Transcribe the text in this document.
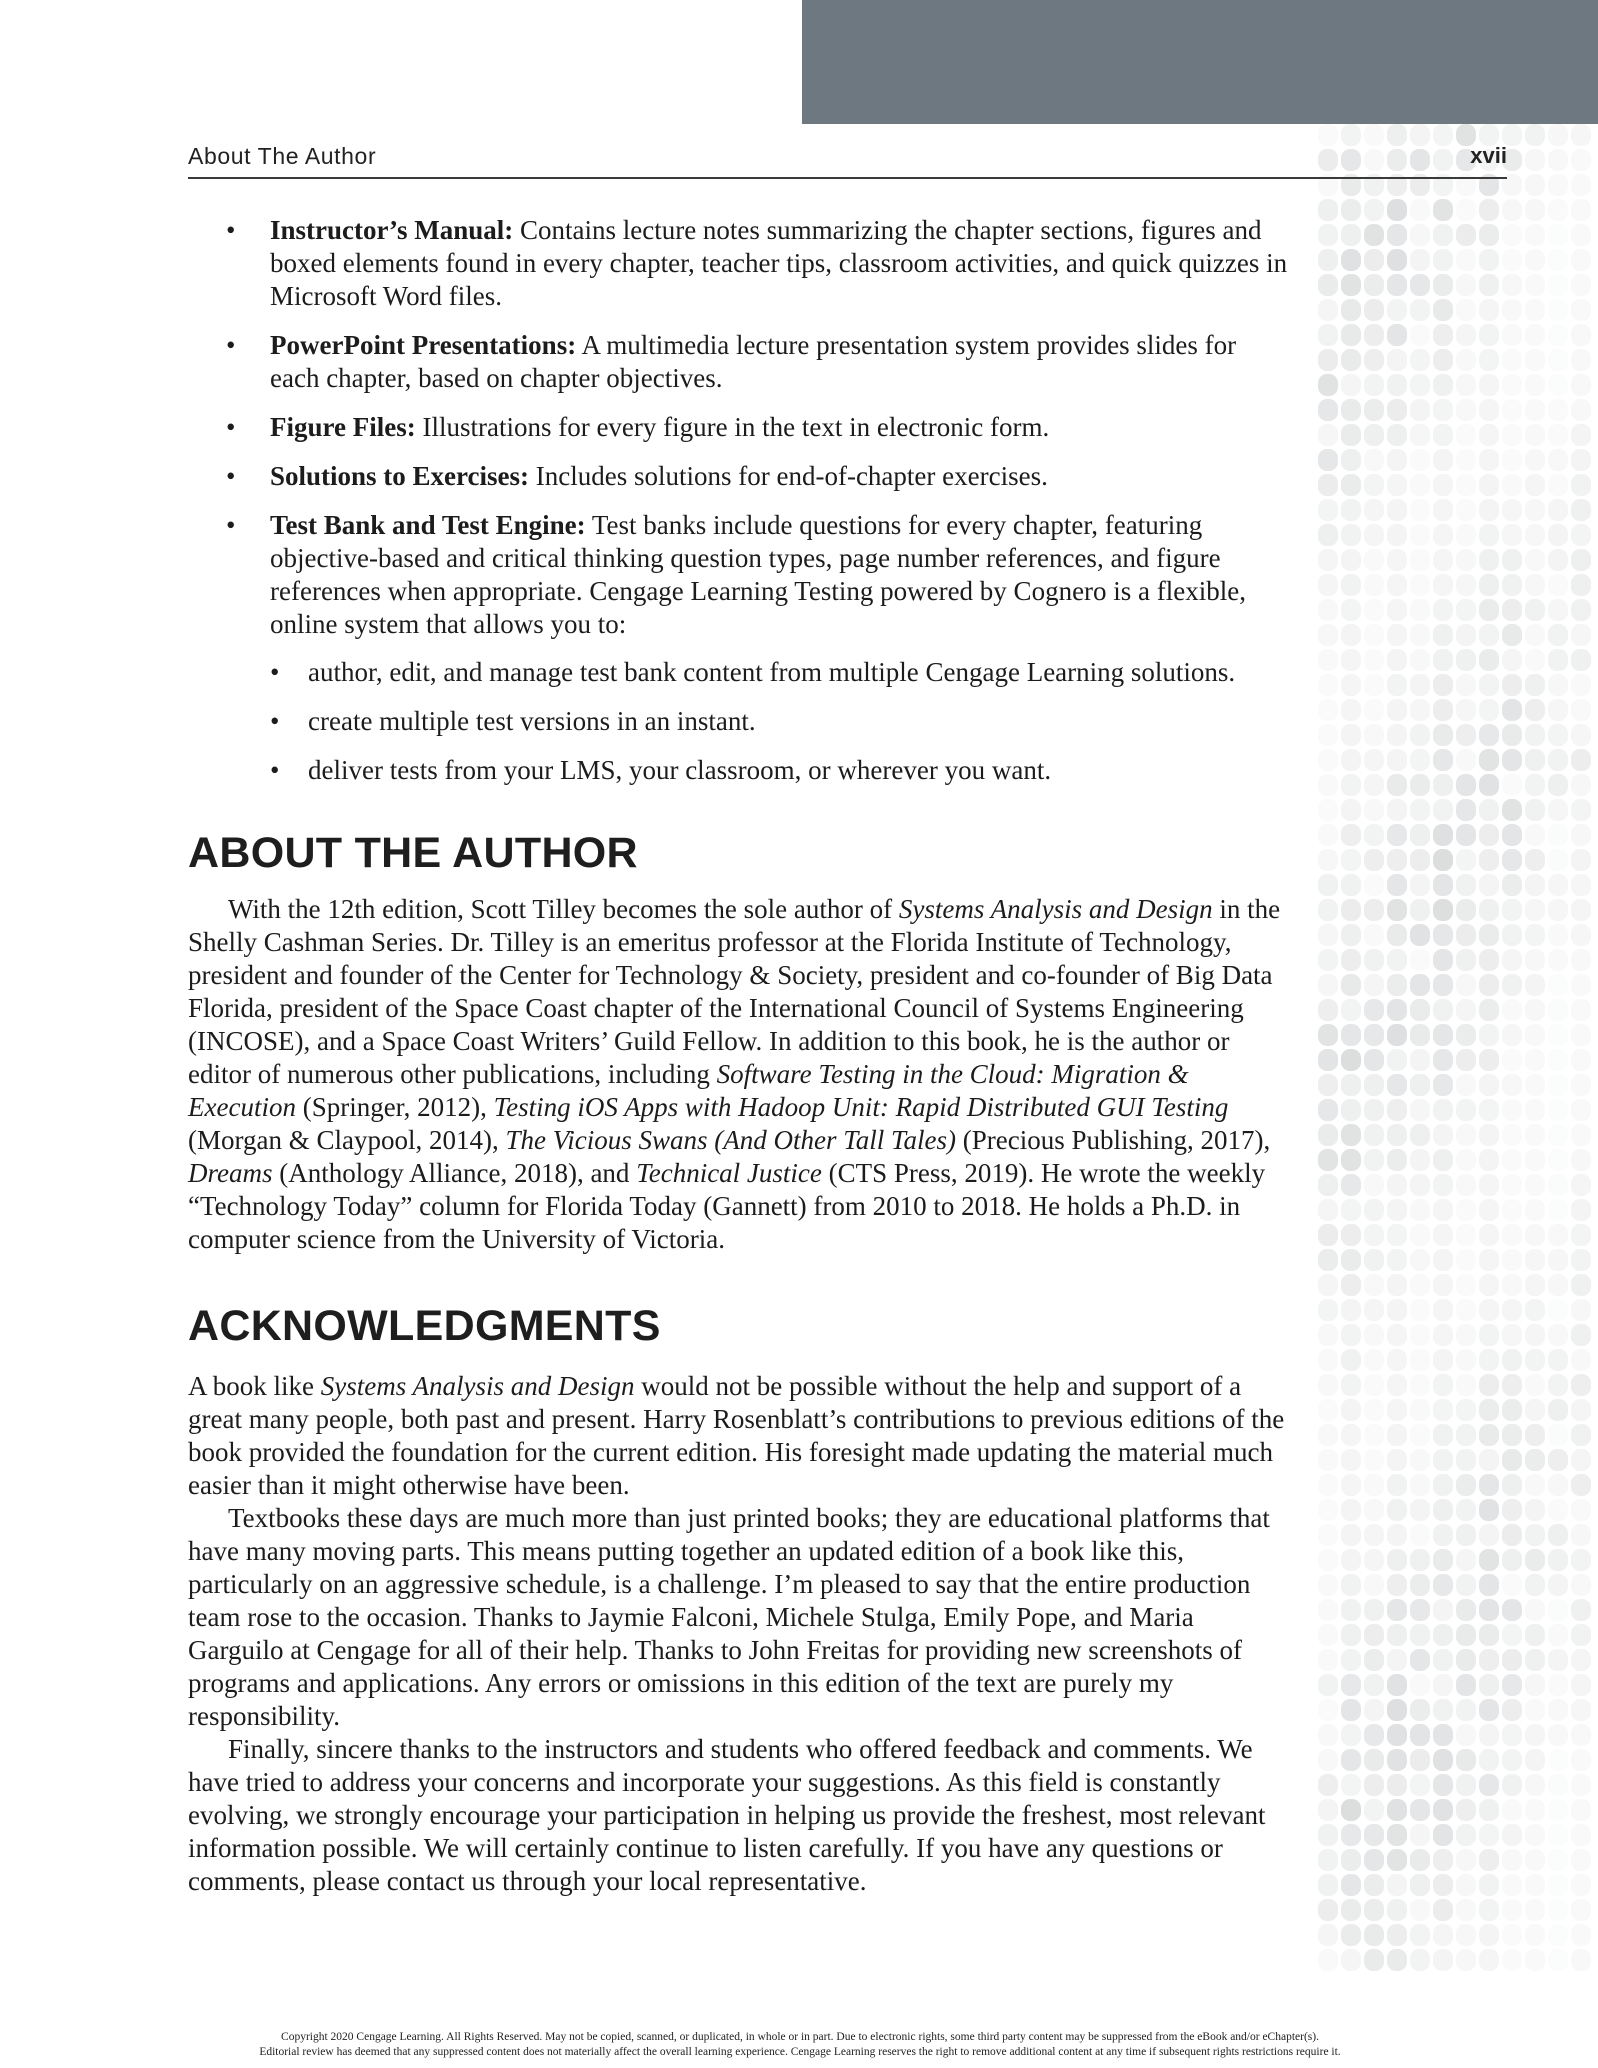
About The Author	xvii
• Instructor’s Manual: Contains lecture notes summarizing the chapter sections, figures and boxed elements found in every chapter, teacher tips, classroom activities, and quick quizzes in Microsoft Word files.
• PowerPoint Presentations: A multimedia lecture presentation system provides slides for each chapter, based on chapter objectives.
• Figure Files: Illustrations for every figure in the text in electronic form.
• Solutions to Exercises: Includes solutions for end-of-chapter exercises.
• Test Bank and Test Engine: Test banks include questions for every chapter, featuring objective-based and critical thinking question types, page number references, and figure references when appropriate. Cengage Learning Testing powered by Cognero is a flexible, online system that allows you to:
• author, edit, and manage test bank content from multiple Cengage Learning solutions.
• create multiple test versions in an instant.
• deliver tests from your LMS, your classroom, or wherever you want.
ABOUT THE AUTHOR

With the 12th edition, Scott Tilley becomes the sole author of Systems Analysis and Design in the Shelly Cashman Series. Dr. Tilley is an emeritus professor at the Florida Institute of Technology, president and founder of the Center for Technology & Society, president and co-founder of Big Data Florida, president of the Space Coast chapter of the International Council of Systems Engineering (INCOSE), and a Space Coast Writers’ Guild Fellow. In addition to this book, he is the author or editor of numerous other publications, including Software Testing in the Cloud: Migration & Execution (Springer, 2012), Testing iOS Apps with Hadoop Unit: Rapid Distributed GUI Testing (Morgan & Claypool, 2014), The Vicious Swans (And Other Tall Tales) (Precious Publishing, 2017), Dreams (Anthology Alliance, 2018), and Technical Justice (CTS Press, 2019). He wrote the weekly “Technology Today” column for Florida Today (Gannett) from 2010 to 2018. He holds a Ph.D. in computer science from the University of Victoria.

ACKNOWLEDGMENTS

A book like Systems Analysis and Design would not be possible without the help and support of a great many people, both past and present. Harry Rosenblatt’s contributions to previous editions of the book provided the foundation for the current edition. His foresight made updating the material much easier than it might otherwise have been.

Textbooks these days are much more than just printed books; they are educational platforms that have many moving parts. This means putting together an updated edition of a book like this, particularly on an aggressive schedule, is a challenge. I’m pleased to say that the entire production team rose to the occasion. Thanks to Jaymie Falconi, Michele Stulga, Emily Pope, and Maria Garguilo at Cengage for all of their help. Thanks to John Freitas for providing new screenshots of programs and applications. Any errors or omissions in this edition of the text are purely my responsibility.

Finally, sincere thanks to the instructors and students who offered feedback and comments. We have tried to address your concerns and incorporate your suggestions. As this field is constantly evolving, we strongly encourage your participation in helping us provide the freshest, most relevant information possible. We will certainly continue to listen carefully. If you have any questions or comments, please contact us through your local representative.

Copyright 2020 Cengage Learning. All Rights Reserved. May not be copied, scanned, or duplicated, in whole or in part. Due to electronic rights, some third party content may be suppressed from the eBook and/or eChapter(s).
Editorial review has deemed that any suppressed content does not materially affect the overall learning experience. Cengage Learning reserves the right to remove additional content at any time if subsequent rights restrictions require it.
